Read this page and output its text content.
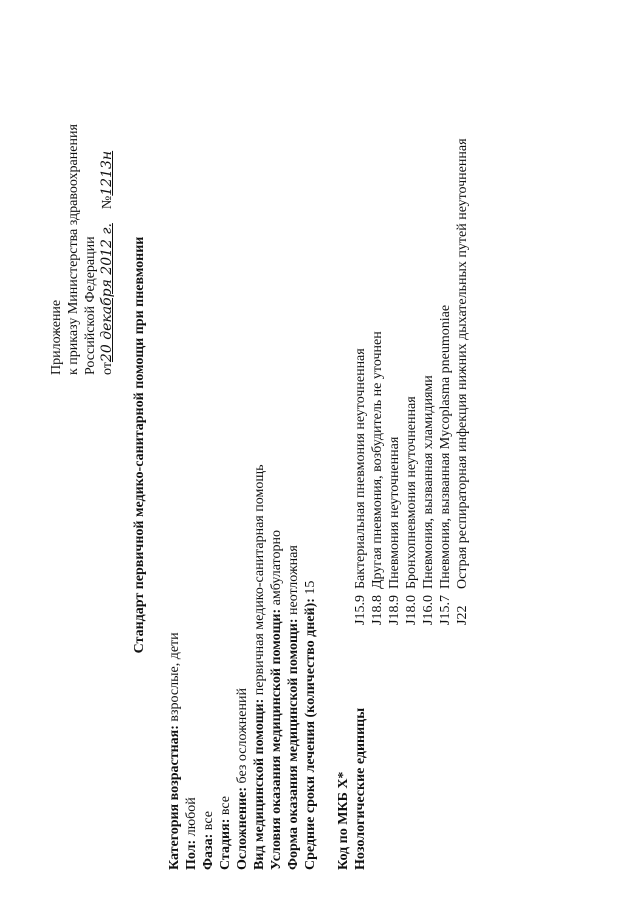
Приложение к приказу Министерства здравоохранения Российской Федерации от20 декабря 2012 г.    №1213н
Стандарт первичной медико-санитарной помощи при пневмонии
Категория возрастная: взрослые, дети
Пол: любой
Фаза: все Стадия: все Осложнение: без осложнений Вид медицинской помощи: первичная медико-санитарная помощь
Условия оказания медицинской помощи: амбулаторно
Форма оказания медицинской помощи: неотложная
Средние сроки лечения (количество дней): 15
Код по МКБ X* Нозологические единицы
J15.9Бактериальная пневмония неуточненная
J18.8Другая пневмония, возбудитель не уточнен
J18.9Пневмония неуточненная
J18.0Бронхопневмония неуточненная
J16.0Пневмония, вызванная хламидиями
J15.7Пневмония, вызванная Mycoplasma pneumoniae
J22Острая респираторная инфекция нижних дыхательных путей неуточненная
